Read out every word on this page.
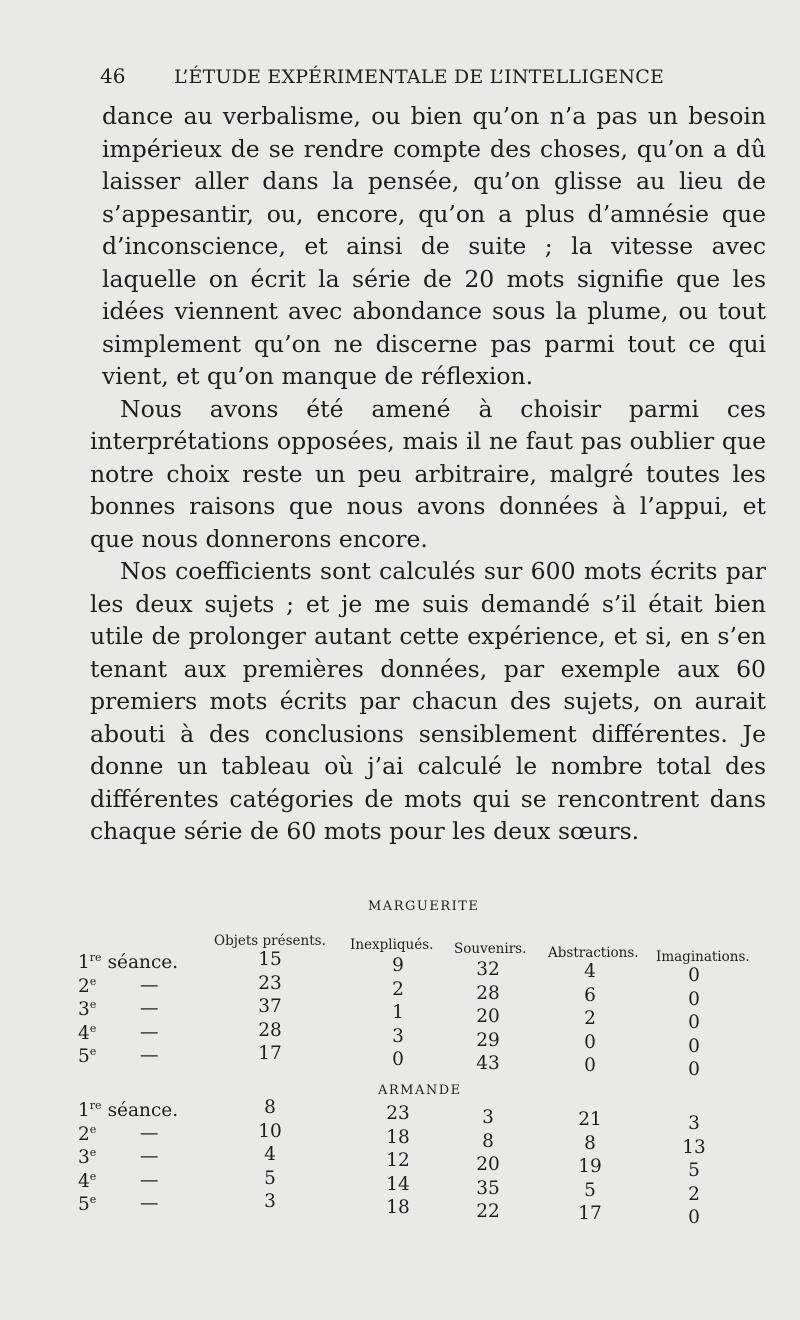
46	L’ÉTUDE EXPÉRIMENTALE DE L’INTELLIGENCE

dance au verbalisme, ou bien qu’on n’a pas un besoin impérieux de se rendre compte des choses, qu’on a dû laisser aller dans la pensée, qu’on glisse au lieu de s’appesantir, ou, encore, qu’on a plus d’amnésie que d’inconscience, et ainsi de suite ; la vitesse avec laquelle on écrit la série de 20 mots signifie que les idées viennent avec abondance sous la plume, ou tout simplement qu’on ne discerne pas parmi tout ce qui vient, et qu’on manque de réflexion.

Nous avons été amené à choisir parmi ces interprétations opposées, mais il ne faut pas oublier que notre choix reste un peu arbitraire, malgré toutes les bonnes raisons que nous avons données à l’appui, et que nous donnerons encore.

Nos coefficients sont calculés sur 600 mots écrits par les deux sujets ; et je me suis demandé s’il était bien utile de prolonger autant cette expérience, et si, en s’en tenant aux premières données, par exemple aux 60 premiers mots écrits par chacun des sujets, on aurait abouti à des conclusions sensiblement différentes. Je donne un tableau où j’ai calculé le nombre total des différentes catégories de mots qui se rencontrent dans chaque série de 60 mots pour les deux sœurs.

MARGUERITE
Objets présents. Inexpliqués. Souvenirs. Abstractions. Imaginations.
ARMANDE
1re séance.	15	9	32	4	0
2e	—	23	2	28	6	0
3e	—	37	1	20	2	0
4e	—	28	3	29	0	0
5e	—	17	0	43	0	0
1re séance.	8	23	3	21	3
2e	—	10	18	8	8	13
3e	—	4	12	20	19	5
4e	—	5	14	35	5	2
5e	—	3	18	22	17	0
